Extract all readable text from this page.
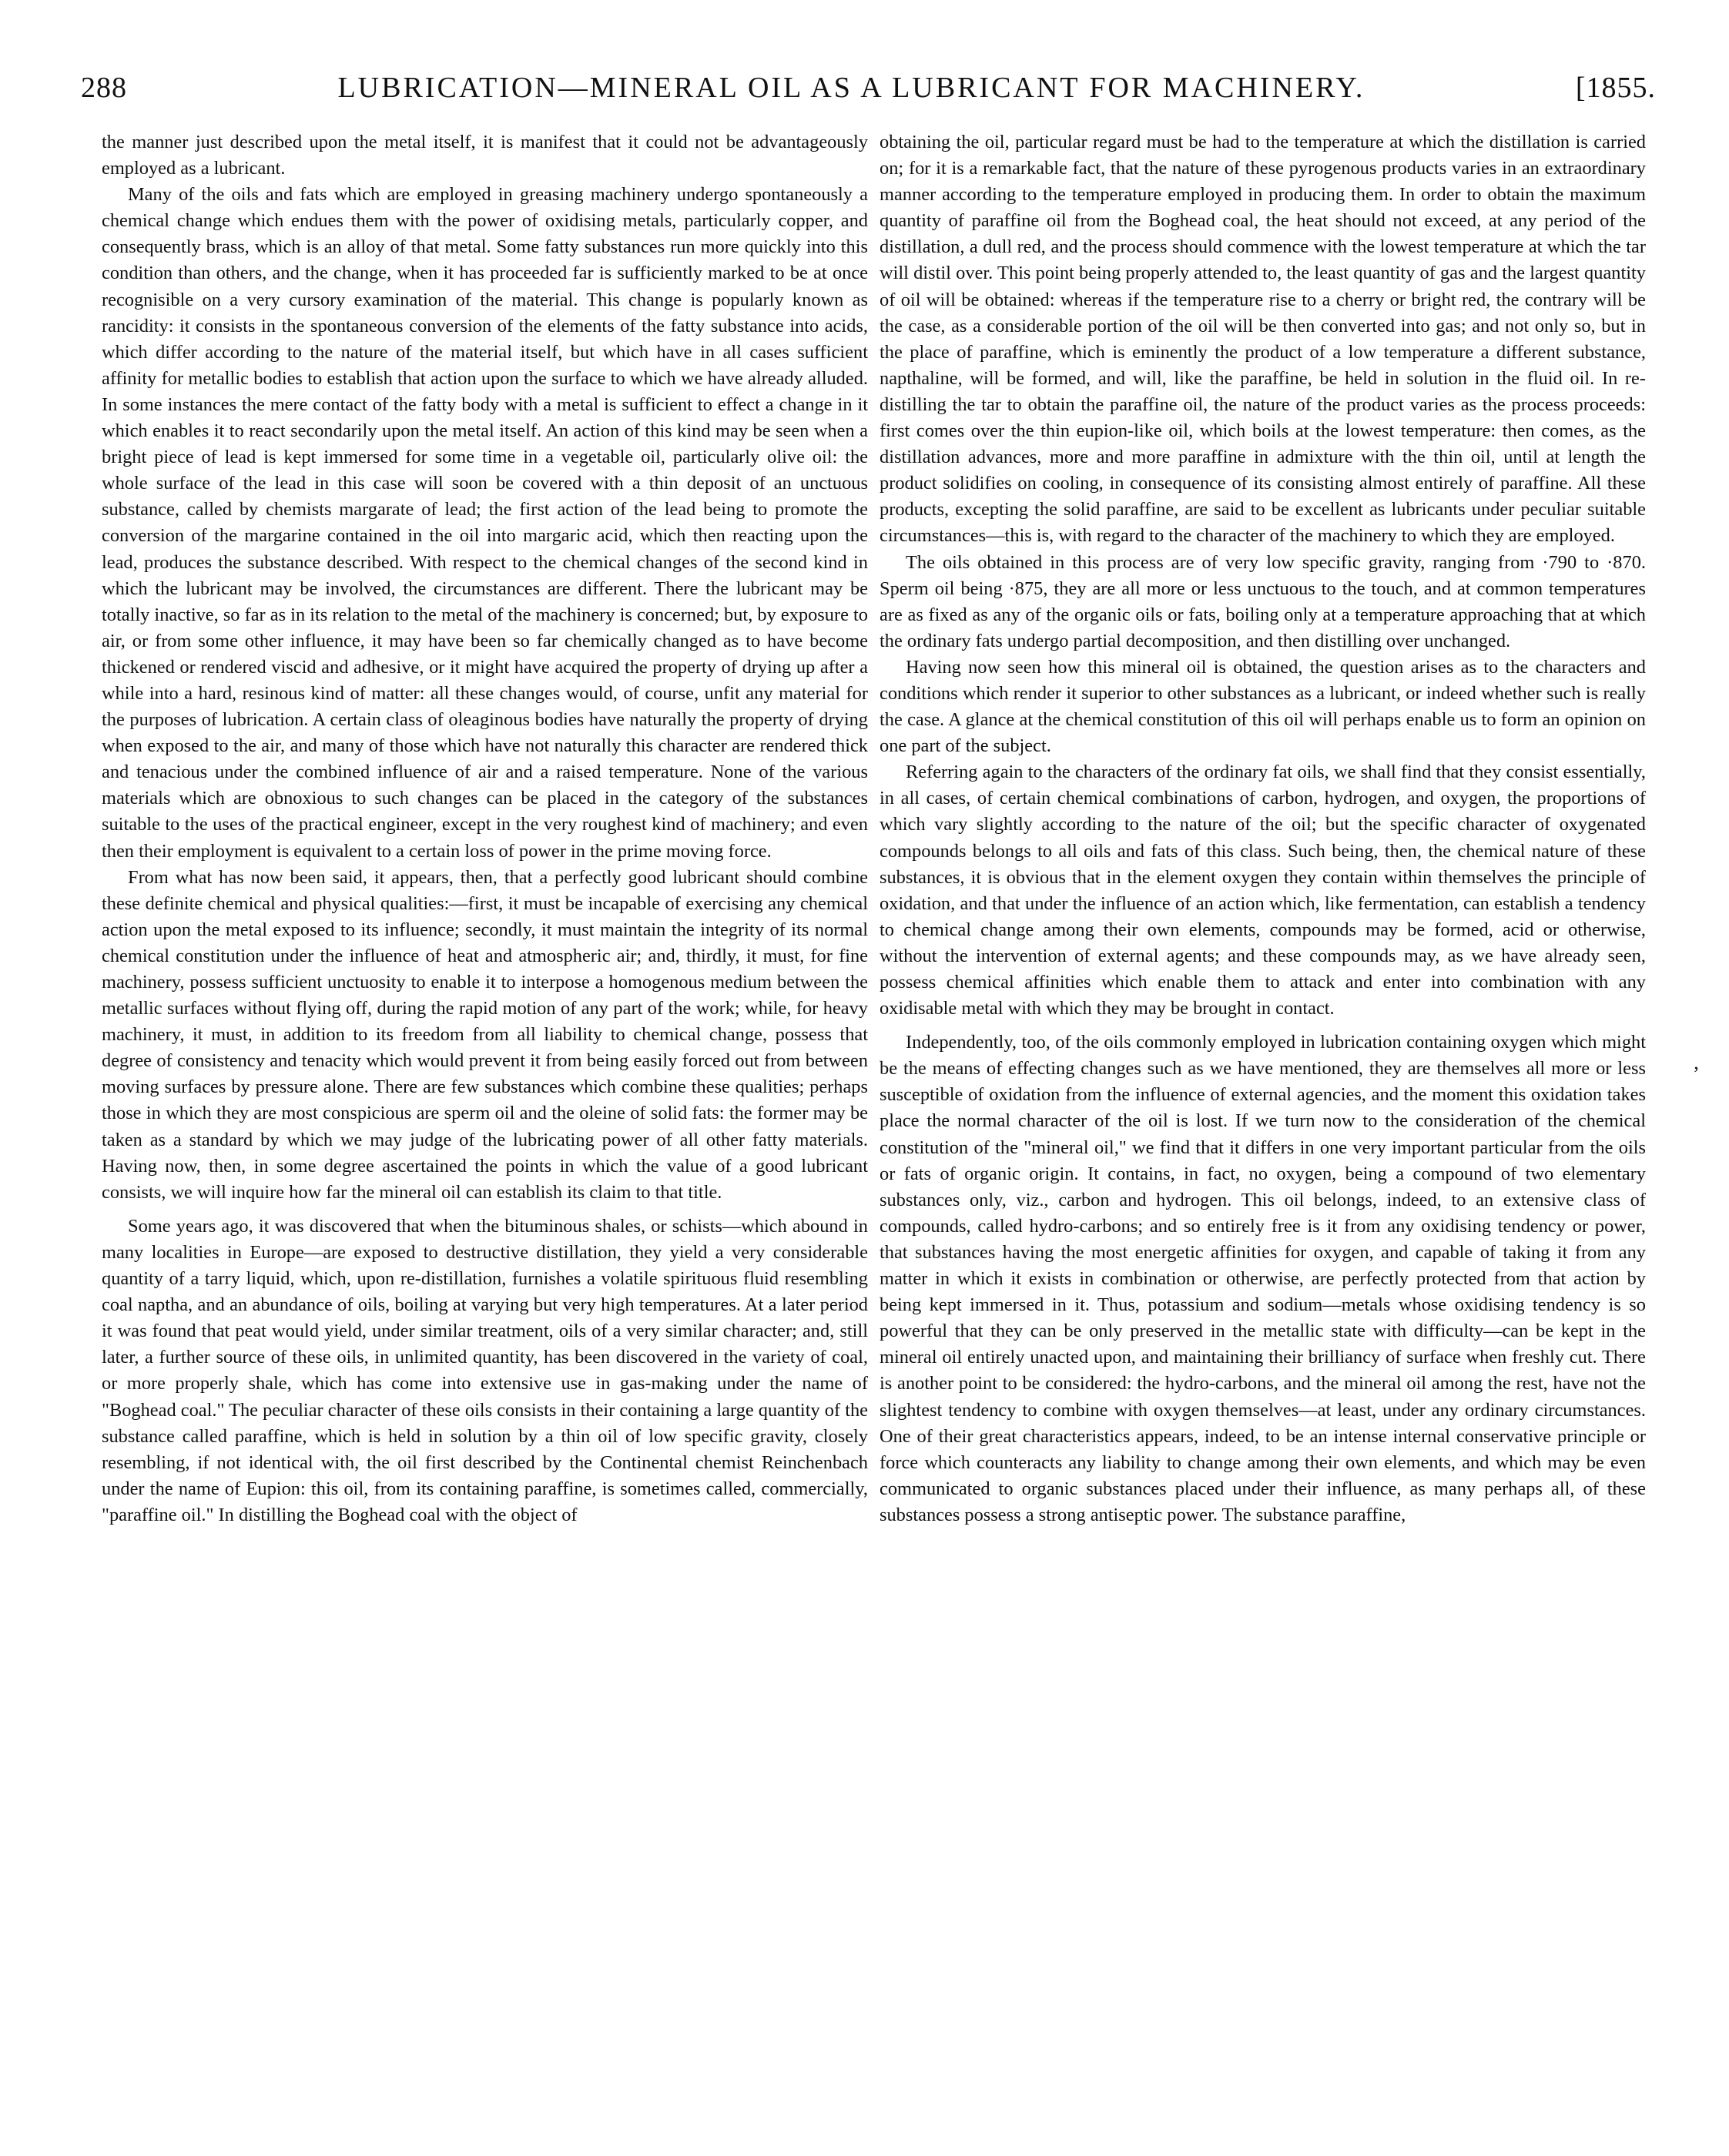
288	LUBRICATION—MINERAL OIL AS A LUBRICANT FOR MACHINERY.	[1855.

the manner just described upon the metal itself, it is manifest that it could not be advantageously employed as a lubricant.

Many of the oils and fats which are employed in greasing machinery undergo spontaneously a chemical change which endues them with the power of oxidising metals, particularly copper, and consequently brass, which is an alloy of that metal. Some fatty substances run more quickly into this condition than others, and the change, when it has proceeded far is sufficiently marked to be at once recognisible on a very cursory examination of the material. This change is popularly known as rancidity: it consists in the spontaneous conversion of the elements of the fatty substance into acids, which differ according to the nature of the material itself, but which have in all cases sufficient affinity for metallic bodies to establish that action upon the surface to which we have already alluded. In some instances the mere contact of the fatty body with a metal is sufficient to effect a change in it which enables it to react secondarily upon the metal itself. An action of this kind may be seen when a bright piece of lead is kept immersed for some time in a vegetable oil, particularly olive oil: the whole surface of the lead in this case will soon be covered with a thin deposit of an unctuous substance, called by chemists margarate of lead; the first action of the lead being to promote the conversion of the margarine contained in the oil into margaric acid, which then reacting upon the lead, produces the substance described. With respect to the chemical changes of the second kind in which the lubricant may be involved, the circumstances are different. There the lubricant may be totally inactive, so far as in its relation to the metal of the machinery is concerned; but, by exposure to air, or from some other influence, it may have been so far chemically changed as to have become thickened or rendered viscid and adhesive, or it might have acquired the property of drying up after a while into a hard, resinous kind of matter: all these changes would, of course, unfit any material for the purposes of lubrication. A certain class of oleaginous bodies have naturally the property of drying when exposed to the air, and many of those which have not naturally this character are rendered thick and tenacious under the combined influence of air and a raised temperature. None of the various materials which are obnoxious to such changes can be placed in the category of the substances suitable to the uses of the practical engineer, except in the very roughest kind of machinery; and even then their employment is equivalent to a certain loss of power in the prime moving force.

From what has now been said, it appears, then, that a perfectly good lubricant should combine these definite chemical and physical qualities:—first, it must be incapable of exercising any chemical action upon the metal exposed to its influence; secondly, it must maintain the integrity of its normal chemical constitution under the influence of heat and atmospheric air; and, thirdly, it must, for fine machinery, possess sufficient unctuosity to enable it to interpose a homogenous medium between the metallic surfaces without flying off, during the rapid motion of any part of the work; while, for heavy machinery, it must, in addition to its freedom from all liability to chemical change, possess that degree of consistency and tenacity which would prevent it from being easily forced out from between moving surfaces by pressure alone. There are few substances which combine these qualities; perhaps those in which they are most conspicious are sperm oil and the oleine of solid fats: the former may be taken as a standard by which we may judge of the lubricating power of all other fatty materials. Having now, then, in some degree ascertained the points in which the value of a good lubricant consists, we will inquire how far the mineral oil can establish its claim to that title.

Some years ago, it was discovered that when the bituminous shales, or schists—which abound in many localities in Europe—are exposed to destructive distillation, they yield a very considerable quantity of a tarry liquid, which, upon re-distillation, furnishes a volatile spirituous fluid resembling coal naptha, and an abundance of oils, boiling at varying but very high temperatures. At a later period it was found that peat would yield, under similar treatment, oils of a very similar character; and, still later, a further source of these oils, in unlimited quantity, has been discovered in the variety of coal, or more properly shale, which has come into extensive use in gas-making under the name of "Boghead coal." The peculiar character of these oils consists in their containing a large quantity of the substance called paraffine, which is held in solution by a thin oil of low specific gravity, closely resembling, if not identical with, the oil first described by the Continental chemist Reinchenbach under the name of Eupion: this oil, from its containing paraffine, is sometimes called, commercially, "paraffine oil." In distilling the Boghead coal with the object of

obtaining the oil, particular regard must be had to the temperature at which the distillation is carried on; for it is a remarkable fact, that the nature of these pyrogenous products varies in an extraordinary manner according to the temperature employed in producing them. In order to obtain the maximum quantity of paraffine oil from the Boghead coal, the heat should not exceed, at any period of the distillation, a dull red, and the process should commence with the lowest temperature at which the tar will distil over. This point being properly attended to, the least quantity of gas and the largest quantity of oil will be obtained: whereas if the temperature rise to a cherry or bright red, the contrary will be the case, as a considerable portion of the oil will be then converted into gas; and not only so, but in the place of paraffine, which is eminently the product of a low temperature a different substance, napthaline, will be formed, and will, like the paraffine, be held in solution in the fluid oil. In re-distilling the tar to obtain the paraffine oil, the nature of the product varies as the process proceeds: first comes over the thin eupion-like oil, which boils at the lowest temperature: then comes, as the distillation advances, more and more paraffine in admixture with the thin oil, until at length the product solidifies on cooling, in consequence of its consisting almost entirely of paraffine. All these products, excepting the solid paraffine, are said to be excellent as lubricants under peculiar suitable circumstances—this is, with regard to the character of the machinery to which they are employed.

The oils obtained in this process are of very low specific gravity, ranging from ·790 to ·870. Sperm oil being ·875, they are all more or less unctuous to the touch, and at common temperatures are as fixed as any of the organic oils or fats, boiling only at a temperature approaching that at which the ordinary fats undergo partial decomposition, and then distilling over unchanged.

Having now seen how this mineral oil is obtained, the question arises as to the characters and conditions which render it superior to other substances as a lubricant, or indeed whether such is really the case. A glance at the chemical constitution of this oil will perhaps enable us to form an opinion on one part of the subject.

Referring again to the characters of the ordinary fat oils, we shall find that they consist essentially, in all cases, of certain chemical combinations of carbon, hydrogen, and oxygen, the proportions of which vary slightly according to the nature of the oil; but the specific character of oxygenated compounds belongs to all oils and fats of this class. Such being, then, the chemical nature of these substances, it is obvious that in the element oxygen they contain within themselves the principle of oxidation, and that under the influence of an action which, like fermentation, can establish a tendency to chemical change among their own elements, compounds may be formed, acid or otherwise, without the intervention of external agents; and these compounds may, as we have already seen, possess chemical affinities which enable them to attack and enter into combination with any oxidisable metal with which they may be brought in contact.

Independently, too, of the oils commonly employed in lubrication containing oxygen which might be the means of effecting changes such as we have mentioned, they are themselves all more or less susceptible of oxidation from the influence of external agencies, and the moment this oxidation takes place the normal character of the oil is lost. If we turn now to the consideration of the chemical constitution of the "mineral oil," we find that it differs in one very important particular from the oils or fats of organic origin. It contains, in fact, no oxygen, being a compound of two elementary substances only, viz., carbon and hydrogen. This oil belongs, indeed, to an extensive class of compounds, called hydro-carbons; and so entirely free is it from any oxidising tendency or power, that substances having the most energetic affinities for oxygen, and capable of taking it from any matter in which it exists in combination or otherwise, are perfectly protected from that action by being kept immersed in it. Thus, potassium and sodium—metals whose oxidising tendency is so powerful that they can be only preserved in the metallic state with difficulty—can be kept in the mineral oil entirely unacted upon, and maintaining their brilliancy of surface when freshly cut. There is another point to be considered: the hydro-carbons, and the mineral oil among the rest, have not the slightest tendency to combine with oxygen themselves—at least, under any ordinary circumstances. One of their great characteristics appears, indeed, to be an intense internal conservative principle or force which counteracts any liability to change among their own elements, and which may be even communicated to organic substances placed under their influence, as many perhaps all, of these substances possess a strong antiseptic power. The substance paraffine,

’
